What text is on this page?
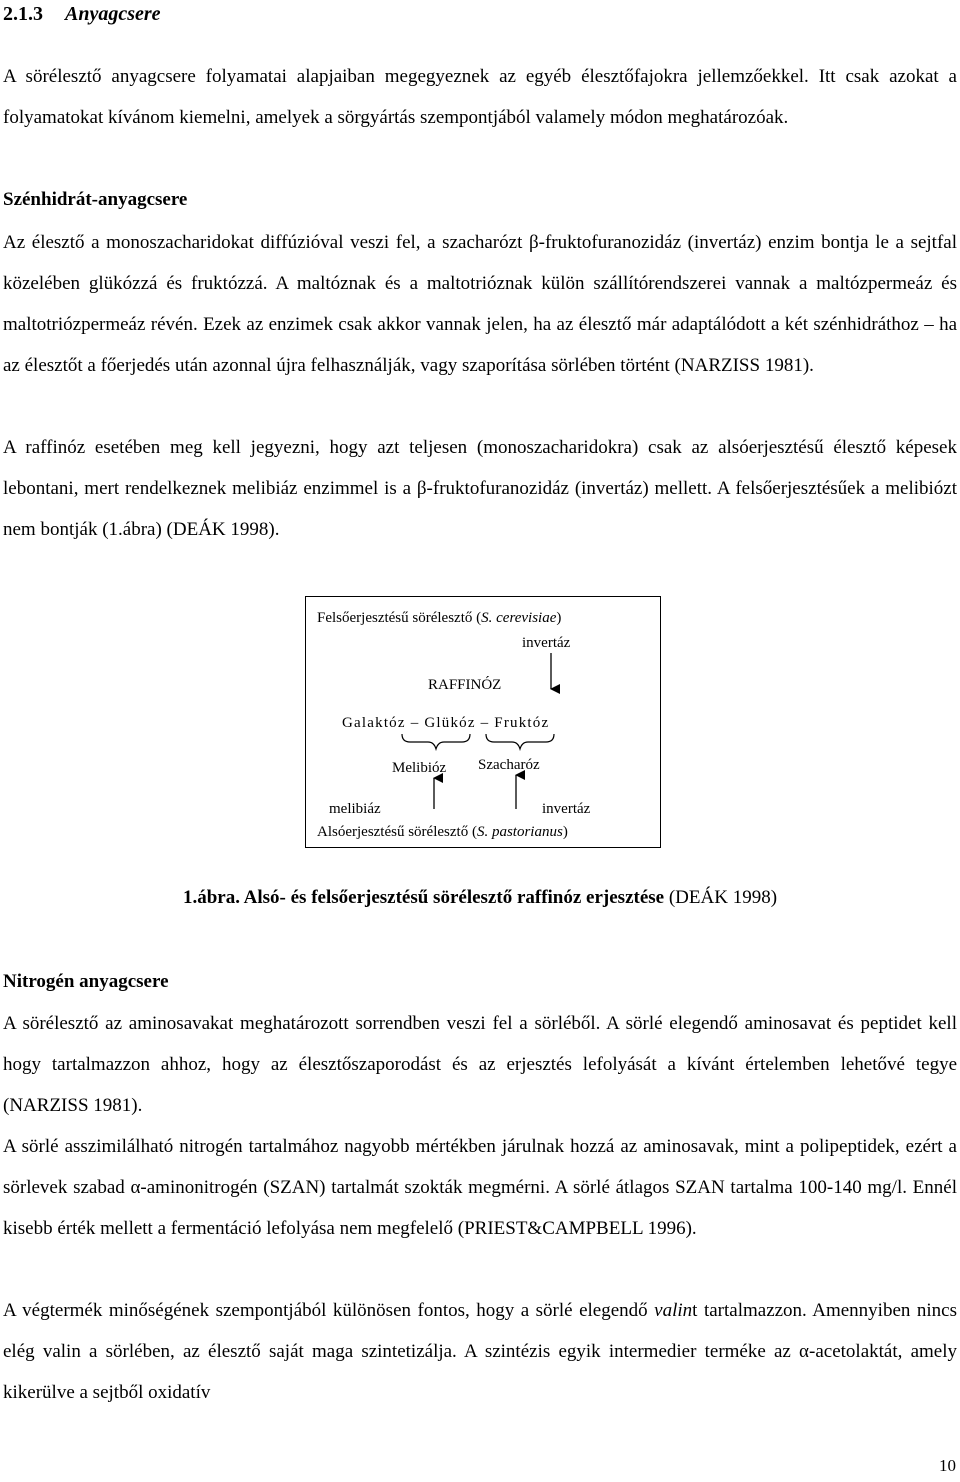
2.1.3 Anyagcsere

A sörélesztő anyagcsere folyamatai alapjaiban megegyeznek az egyéb élesztőfajokra jellemzőekkel. Itt csak azokat a folyamatokat kívánom kiemelni, amelyek a sörgyártás szempontjából valamely módon meghatározóak.

Szénhidrát-anyagcsere

Az élesztő a monoszacharidokat diffúzióval veszi fel, a szacharózt β-fruktofuranozidáz (invertáz) enzim bontja le a sejtfal közelében glükózzá és fruktózzá. A maltóznak és a maltotrióznak külön szállítórendszerei vannak a maltózpermeáz és maltotriózpermeáz révén. Ezek az enzimek csak akkor vannak jelen, ha az élesztő már adaptálódott a két szénhidráthoz – ha az élesztőt a főerjedés után azonnal újra felhasználják, vagy szaporítása sörlében történt (NARZISS 1981).

A raffinóz esetében meg kell jegyezni, hogy azt teljesen (monoszacharidokra) csak az alsóerjesztésű élesztő képesek lebontani, mert rendelkeznek melibiáz enzimmel is a β-fruktofuranozidáz (invertáz) mellett. A felsőerjesztésűek a melibiózt nem bontják (1.ábra) (DEÁK 1998).

Felsőerjesztésű sörélesztő (S. cerevisiae)
invertáz
RAFFINÓZ
Galaktóz – Glükóz – Fruktóz
Melibióz Szacharóz
melibiáz	invertáz
Alsóerjesztésű sörélesztő (S. pastorianus)
1.ábra. Alsó- és felsőerjesztésű sörélesztő raffinóz erjesztése (DEÁK 1998)
Nitrogén anyagcsere

A sörélesztő az aminosavakat meghatározott sorrendben veszi fel a sörléből. A sörlé elegendő aminosavat és peptidet kell hogy tartalmazzon ahhoz, hogy az élesztőszaporodást és az erjesztés lefolyását a kívánt értelemben lehetővé tegye (NARZISS 1981).

A sörlé asszimilálható nitrogén tartalmához nagyobb mértékben járulnak hozzá az aminosavak, mint a polipeptidek, ezért a sörlevek szabad α-aminonitrogén (SZAN) tartalmát szokták megmérni. A sörlé átlagos SZAN tartalma 100-140 mg/l. Ennél kisebb érték mellett a fermentáció lefolyása nem megfelelő (PRIEST&CAMPBELL 1996).

A végtermék minőségének szempontjából különösen fontos, hogy a sörlé elegendő valint tartalmazzon. Amennyiben nincs elég valin a sörlében, az élesztő saját maga szintetizálja. A szintézis egyik intermedier terméke az α-acetolaktát, amely kikerülve a sejtből oxidatív

10
